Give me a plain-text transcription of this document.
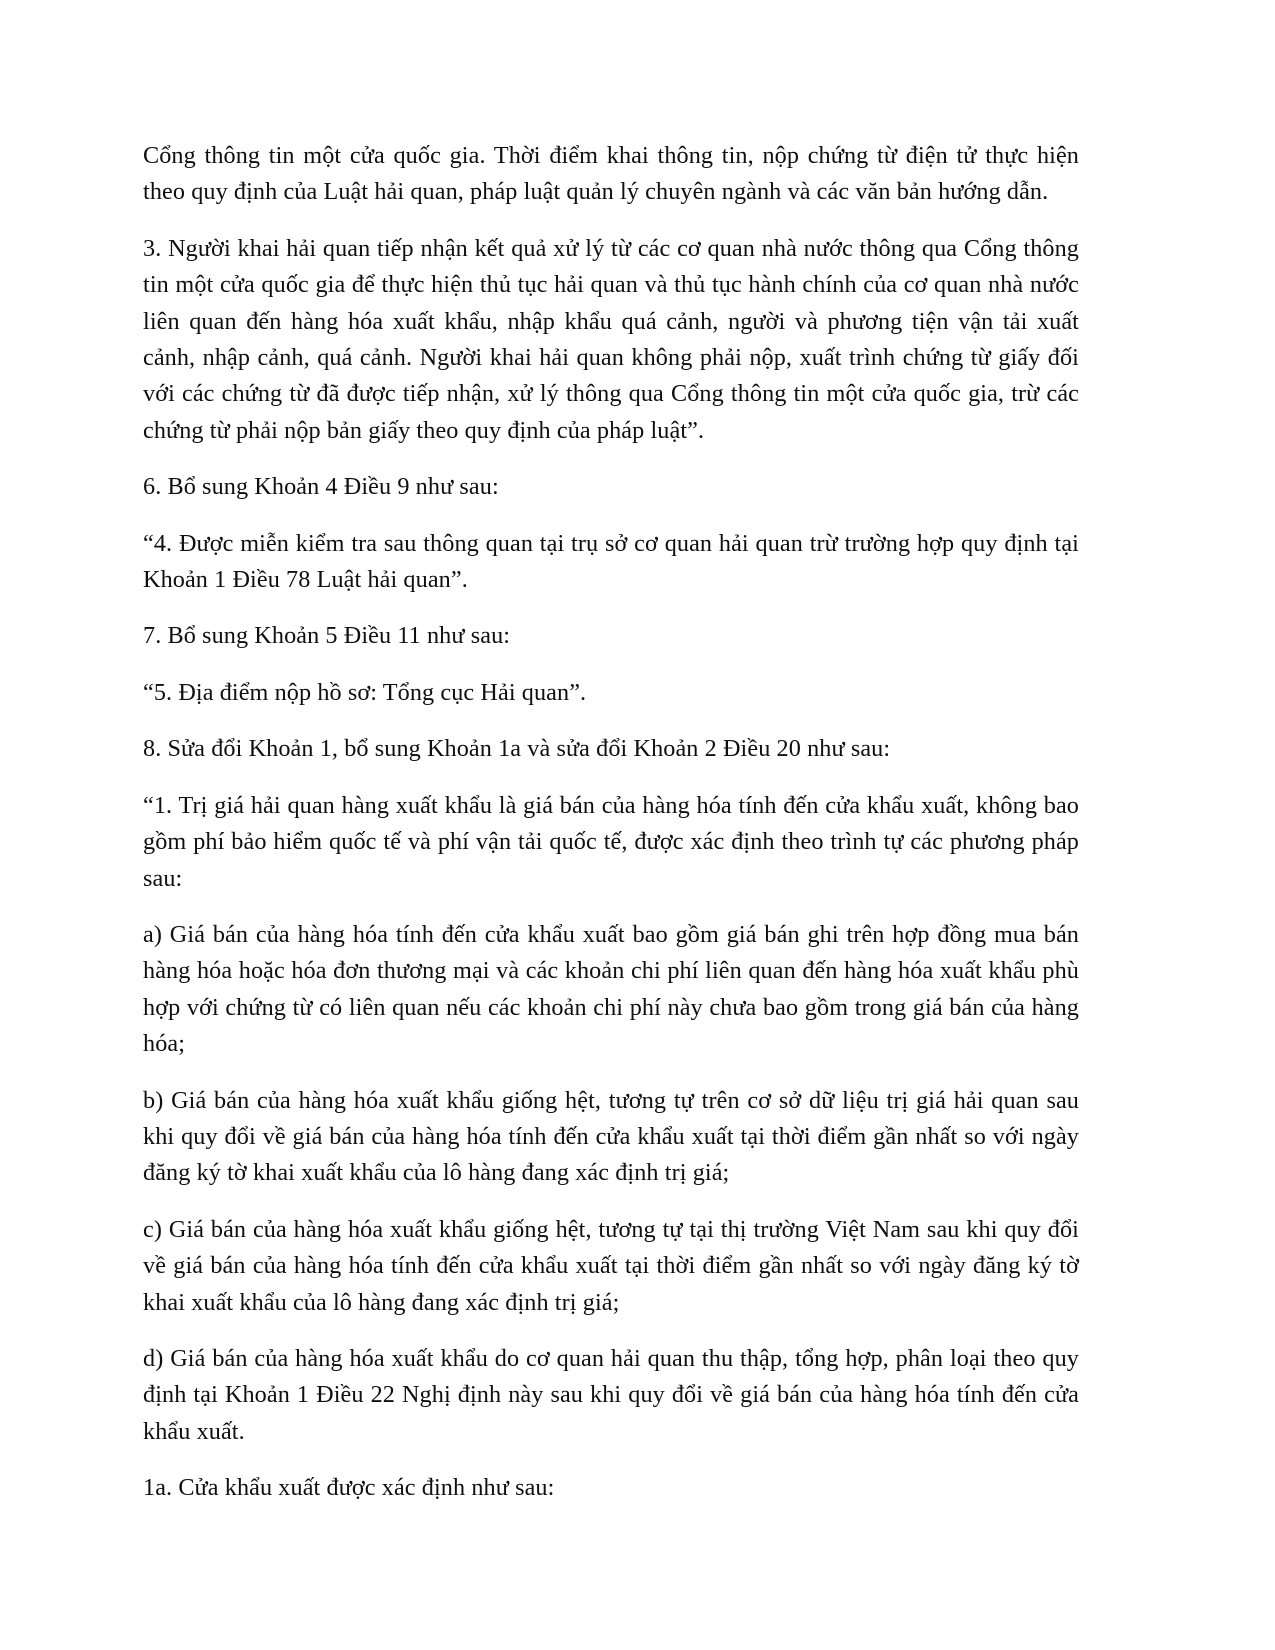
Cổng thông tin một cửa quốc gia. Thời điểm khai thông tin, nộp chứng từ điện tử thực hiện theo quy định của Luật hải quan, pháp luật quản lý chuyên ngành và các văn bản hướng dẫn.

3. Người khai hải quan tiếp nhận kết quả xử lý từ các cơ quan nhà nước thông qua Cổng thông tin một cửa quốc gia để thực hiện thủ tục hải quan và thủ tục hành chính của cơ quan nhà nước liên quan đến hàng hóa xuất khẩu, nhập khẩu quá cảnh, người và phương tiện vận tải xuất cảnh, nhập cảnh, quá cảnh. Người khai hải quan không phải nộp, xuất trình chứng từ giấy đối với các chứng từ đã được tiếp nhận, xử lý thông qua Cổng thông tin một cửa quốc gia, trừ các chứng từ phải nộp bản giấy theo quy định của pháp luật”.

6. Bổ sung Khoản 4 Điều 9 như sau:

“4. Được miễn kiểm tra sau thông quan tại trụ sở cơ quan hải quan trừ trường hợp quy định tại Khoản 1 Điều 78 Luật hải quan”.

7. Bổ sung Khoản 5 Điều 11 như sau:

“5. Địa điểm nộp hồ sơ: Tổng cục Hải quan”.

8. Sửa đổi Khoản 1, bổ sung Khoản 1a và sửa đổi Khoản 2 Điều 20 như sau:

“1. Trị giá hải quan hàng xuất khẩu là giá bán của hàng hóa tính đến cửa khẩu xuất, không bao gồm phí bảo hiểm quốc tế và phí vận tải quốc tế, được xác định theo trình tự các phương pháp sau:

a) Giá bán của hàng hóa tính đến cửa khẩu xuất bao gồm giá bán ghi trên hợp đồng mua bán hàng hóa hoặc hóa đơn thương mại và các khoản chi phí liên quan đến hàng hóa xuất khẩu phù hợp với chứng từ có liên quan nếu các khoản chi phí này chưa bao gồm trong giá bán của hàng hóa;

b) Giá bán của hàng hóa xuất khẩu giống hệt, tương tự trên cơ sở dữ liệu trị giá hải quan sau khi quy đổi về giá bán của hàng hóa tính đến cửa khẩu xuất tại thời điểm gần nhất so với ngày đăng ký tờ khai xuất khẩu của lô hàng đang xác định trị giá;

c) Giá bán của hàng hóa xuất khẩu giống hệt, tương tự tại thị trường Việt Nam sau khi quy đổi về giá bán của hàng hóa tính đến cửa khẩu xuất tại thời điểm gần nhất so với ngày đăng ký tờ khai xuất khẩu của lô hàng đang xác định trị giá;

d) Giá bán của hàng hóa xuất khẩu do cơ quan hải quan thu thập, tổng hợp, phân loại theo quy định tại Khoản 1 Điều 22 Nghị định này sau khi quy đổi về giá bán của hàng hóa tính đến cửa khẩu xuất.

1a. Cửa khẩu xuất được xác định như sau:
